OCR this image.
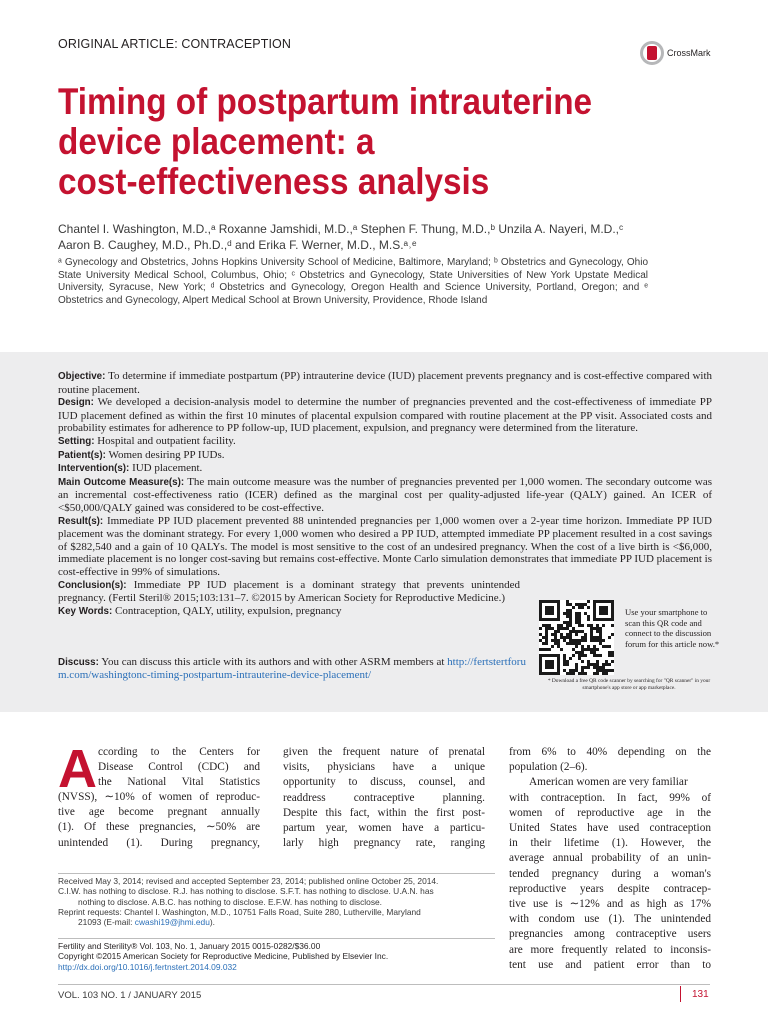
ORIGINAL ARTICLE: CONTRACEPTION
CrossMark
Timing of postpartum intrauterine
device placement: a
cost-effectiveness analysis
Chantel I. Washington, M.D.,ᵃ Roxanne Jamshidi, M.D.,ᵃ Stephen F. Thung, M.D.,ᵇ Unzila A. Nayeri, M.D.,ᶜ
Aaron B. Caughey, M.D., Ph.D.,ᵈ and Erika F. Werner, M.D., M.S.ᵃ˒ᵉ
ᵃ Gynecology and Obstetrics, Johns Hopkins University School of Medicine, Baltimore, Maryland; ᵇ Obstetrics and Gynecology, Ohio State University Medical School, Columbus, Ohio; ᶜ Obstetrics and Gynecology, State Universities of New York Upstate Medical University, Syracuse, New York; ᵈ Obstetrics and Gynecology, Oregon Health and Science University, Portland, Oregon; and ᵉ Obstetrics and Gynecology, Alpert Medical School at Brown University, Providence, Rhode Island
Objective: To determine if immediate postpartum (PP) intrauterine device (IUD) placement prevents pregnancy and is cost-effective compared with routine placement.
Design: We developed a decision-analysis model to determine the number of pregnancies prevented and the cost-effectiveness of immediate PP IUD placement defined as within the first 10 minutes of placental expulsion compared with routine placement at the PP visit. Associated costs and probability estimates for adherence to PP follow-up, IUD placement, expulsion, and pregnancy were determined from the literature.
Setting: Hospital and outpatient facility.
Patient(s): Women desiring PP IUDs.
Intervention(s): IUD placement.
Main Outcome Measure(s): The main outcome measure was the number of pregnancies prevented per 1,000 women. The secondary outcome was an incremental cost-effectiveness ratio (ICER) defined as the marginal cost per quality-adjusted life-year (QALY) gained. An ICER of <$50,000/QALY gained was considered to be cost-effective.
Result(s): Immediate PP IUD placement prevented 88 unintended pregnancies per 1,000 women over a 2-year time horizon. Immediate PP IUD placement was the dominant strategy. For every 1,000 women who desired a PP IUD, attempted immediate PP placement resulted in a cost savings of $282,540 and a gain of 10 QALYs. The model is most sensitive to the cost of an undesired pregnancy. When the cost of a live birth is <$6,000, immediate placement is no longer cost-saving but remains cost-effective. Monte Carlo simulation demonstrates that immediate PP IUD placement is cost-effective in 99% of simulations.
Conclusion(s): Immediate PP IUD placement is a dominant strategy that prevents unintended pregnancy. (Fertil Steril® 2015;103:131–7. ©2015 by American Society for Reproductive Medicine.)
Key Words: Contraception, QALY, utility, expulsion, pregnancy
Discuss: You can discuss this article with its authors and with other ASRM members at http://fertstertforum.com/washingtonc-timing-postpartum-intrauterine-device-placement/
Use your smartphone to scan this QR code and connect to the discussion forum for this article now.*
* Download a free QR code scanner by searching for "QR scanner" in your smartphone's app store or app marketplace.
A ccording to the Centers for
Disease Control (CDC) and
the National Vital Statistics
(NVSS), ∼10% of women of reproduc-
tive age become pregnant annually
(1). Of these pregnancies, ∼50% are
unintended (1). During pregnancy,
given the frequent nature of prenatal
visits, physicians have a unique
opportunity to discuss, counsel, and
readdress contraceptive planning.
Despite this fact, within the first post-
partum year, women have a particu-
larly high pregnancy rate, ranging
from 6% to 40% depending on the
population (2–6).
American women are very familiar
with contraception. In fact, 99% of
women of reproductive age in the
United States have used contraception
in their lifetime (1). However, the
average annual probability of an unin-
tended pregnancy during a woman's
reproductive years despite contracep-
tive use is ∼12% and as high as 17%
with condom use (1). The unintended
pregnancies among contraceptive users
are more frequently related to inconsis-
tent use and patient error than to
Received May 3, 2014; revised and accepted September 23, 2014; published online October 25, 2014.
C.I.W. has nothing to disclose. R.J. has nothing to disclose. S.F.T. has nothing to disclose. U.A.N. has
nothing to disclose. A.B.C. has nothing to disclose. E.F.W. has nothing to disclose.
Reprint requests: Chantel I. Washington, M.D., 10751 Falls Road, Suite 280, Lutherville, Maryland
21093 (E-mail: cwashi19@jhmi.edu).
Fertility and Sterility® Vol. 103, No. 1, January 2015 0015-0282/$36.00
Copyright ©2015 American Society for Reproductive Medicine, Published by Elsevier Inc.
http://dx.doi.org/10.1016/j.fertnstert.2014.09.032
VOL. 103 NO. 1 / JANUARY 2015	131
